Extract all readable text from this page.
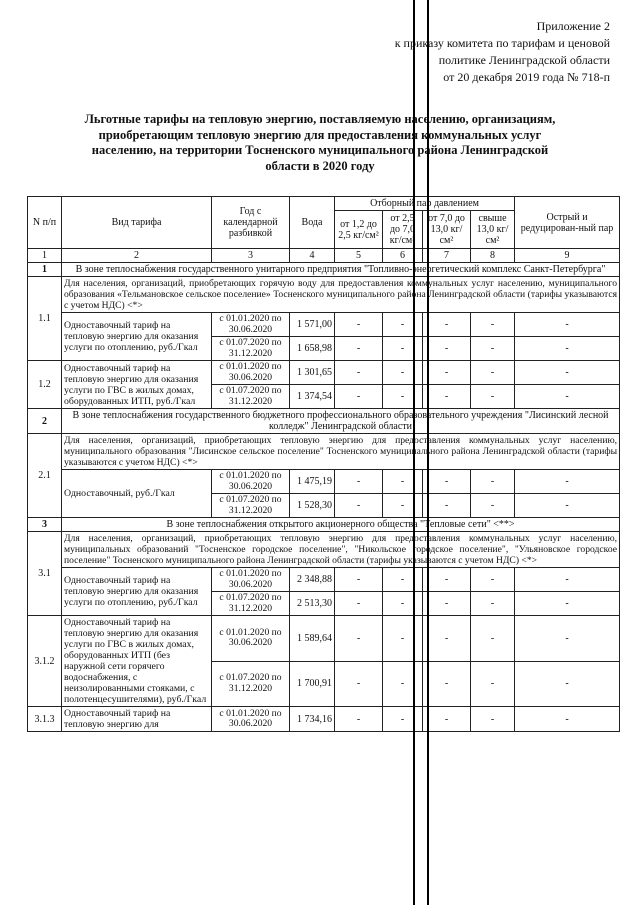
Приложение 2
к приказу комитета по тарифам и ценовой
политике Ленинградской области
от 20 декабря 2019 года № 718-п
Льготные тарифы на тепловую энергию, поставляемую населению, организациям, приобретающим тепловую энергию для предоставления коммунальных услуг населению, на территории Тосненского муниципального района Ленинградской области в 2020 году
N п/п	Вид тарифа	Год с календарной разбивкой	Вода	Отборный пар давлением				Острый и редуцирован-ный пар
				от 1,2 до 2,5 кг/см²	от 2,5 до 7,0 кг/см²	от 7,0 до 13,0 кг/см²	свыше 13,0 кг/см²	
1	2	3	4	5	6	7	8	9
1	В зоне теплоснабжения государственного унитарного предприятия "Топливно-энергетический комплекс Санкт-Петербурга"							
1.1	Для населения, организаций, приобретающих горячую воду для предоставления коммунальных услуг населению, муниципального образования «Тельмановское сельское поселение» Тосненского муниципального района Ленинградской области (тарифы указываются с учетом НДС) <*>							
	Одноставочный тариф на тепловую энергию для оказания услуги по отоплению, руб./Гкал	с 01.01.2020 по 30.06.2020	1 571,00	-	-	-	-	-
		с 01.07.2020 по 31.12.2020	1 658,98	-	-	-	-	-
1.2	Одноставочный тариф на тепловую энергию для оказания услуги по ГВС в жилых домах, оборудованных ИТП, руб./Гкал	с 01.01.2020 по 30.06.2020	1 301,65	-	-	-	-	-
		с 01.07.2020 по 31.12.2020	1 374,54	-	-	-	-	-
2	В зоне теплоснабжения государственного бюджетного профессионального образовательного учреждения "Лисинский лесной колледж" Ленинградской области							
2.1	Для населения, организаций, приобретающих тепловую энергию для предоставления коммунальных услуг населению, муниципального образования "Лисинское сельское поселение" Тосненского муниципального района Ленинградской области (тарифы указываются с учетом НДС) <*>							
	Одноставочный, руб./Гкал	с 01.01.2020 по 30.06.2020	1 475,19	-	-	-	-	-
		с 01.07.2020 по 31.12.2020	1 528,30	-	-	-	-	-
3	В зоне теплоснабжения открытого акционерного общества "Тепловые сети" <**>							
3.1	Для населения, организаций, приобретающих тепловую энергию для предоставления коммунальных услуг населению, муниципальных образований "Тосненское городское поселение", "Никольское городское поселение", "Ульяновское городское поселение" Тосненского муниципального района Ленинградской области (тарифы указываются с учетом НДС) <*>							
	Одноставочный тариф на тепловую энергию для оказания услуги по отоплению, руб./Гкал	с 01.01.2020 по 30.06.2020	2 348,88	-	-	-	-	-
		с 01.07.2020 по 31.12.2020	2 513,30	-	-	-	-	-
3.1.2	Одноставочный тариф на тепловую энергию для оказания услуги по ГВС в жилых домах, оборудованных ИТП (без наружной сети горячего водоснабжения, с неизолированными стояками, с полотенцесушителями), руб./Гкал	с 01.01.2020 по 30.06.2020	1 589,64	-	-	-	-	-
		с 01.07.2020 по 31.12.2020	1 700,91	-	-	-	-	-
3.1.3	Одноставочный тариф на тепловую энергию для	с 01.01.2020 по 30.06.2020	1 734,16	-	-	-	-	-
